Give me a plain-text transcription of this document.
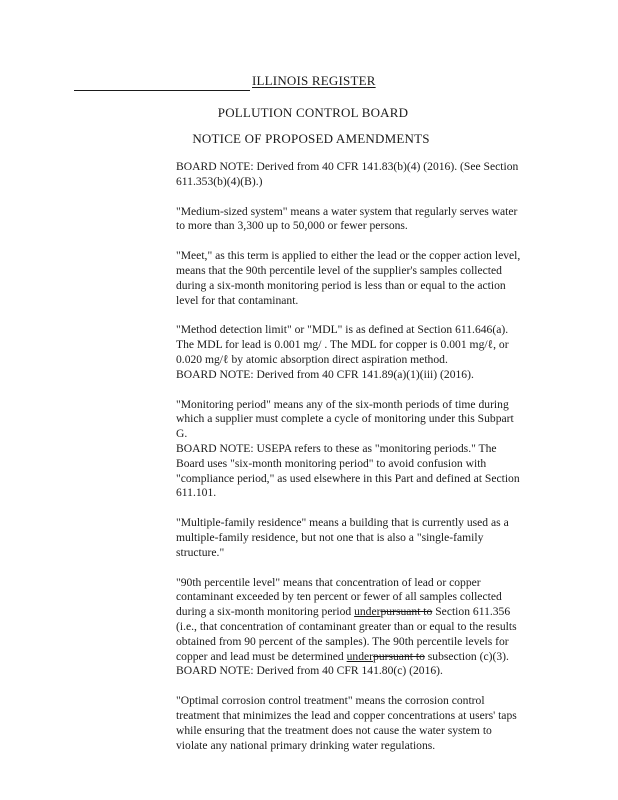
ILLINOIS REGISTER
POLLUTION CONTROL BOARD
NOTICE OF PROPOSED AMENDMENTS

BOARD NOTE: Derived from 40 CFR 141.83(b)(4) (2016). (See Section
611.353(b)(4)(B).)

"Medium-sized system" means a water system that regularly serves water
to more than 3,300 up to 50,000 or fewer persons.

"Meet," as this term is applied to either the lead or the copper action level,
means that the 90th percentile level of the supplier's samples collected
during a six-month monitoring period is less than or equal to the action
level for that contaminant.

"Method detection limit" or "MDL" is as defined at Section 611.646(a).
The MDL for lead is 0.001 mg/ . The MDL for copper is 0.001 mg/ℓ, or
0.020 mg/ℓ by atomic absorption direct aspiration method.
BOARD NOTE: Derived from 40 CFR 141.89(a)(1)(iii) (2016).

"Monitoring period" means any of the six-month periods of time during
which a supplier must complete a cycle of monitoring under this Subpart
G.
BOARD NOTE: USEPA refers to these as "monitoring periods." The
Board uses "six-month monitoring period" to avoid confusion with
"compliance period," as used elsewhere in this Part and defined at Section
611.101.

"Multiple-family residence" means a building that is currently used as a
multiple-family residence, but not one that is also a "single-family
structure."

"90th percentile level" means that concentration of lead or copper
contaminant exceeded by ten percent or fewer of all samples collected
during a six-month monitoring period underpursuant to Section 611.356
(i.e., that concentration of contaminant greater than or equal to the results
obtained from 90 percent of the samples). The 90th percentile levels for
copper and lead must be determined underpursuant to subsection (c)(3).
BOARD NOTE: Derived from 40 CFR 141.80(c) (2016).

"Optimal corrosion control treatment" means the corrosion control
treatment that minimizes the lead and copper concentrations at users' taps
while ensuring that the treatment does not cause the water system to
violate any national primary drinking water regulations.
